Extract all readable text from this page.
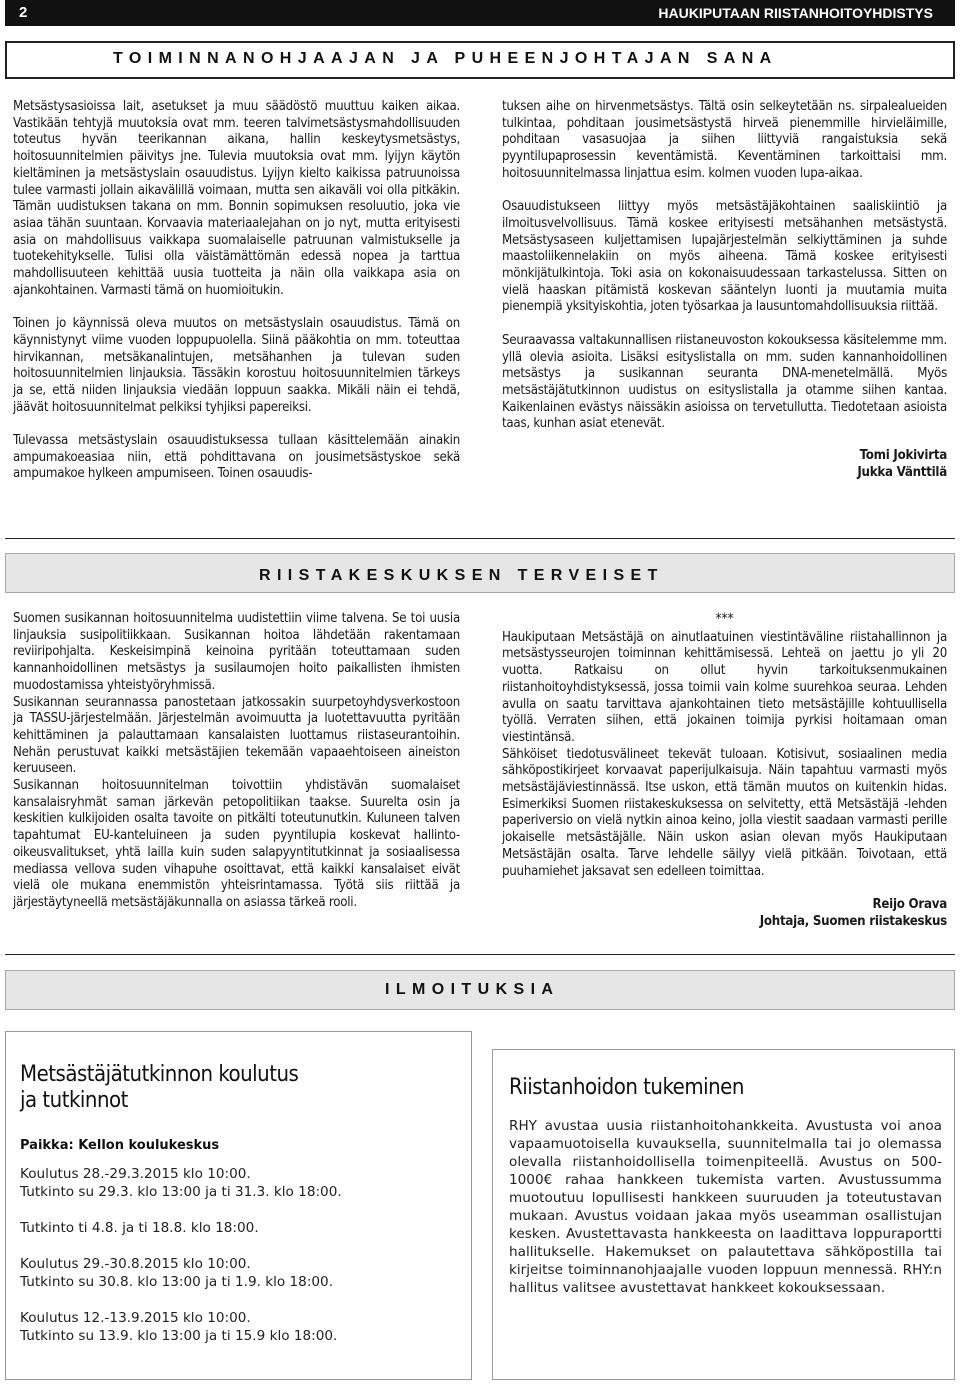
2	HAUKIPUTAAN RIISTANHOITOYHDISTYS
TOIMINNANOHJAAJAN JA PUHEENJOHTAJAN SANA

Metsästysasioissa lait, asetukset ja muu säädöstö muuttuu kaiken aikaa. Vastikään tehtyjä muutoksia ovat mm. teeren talvimetsästysmahdollisuuden toteutus hyvän teerikannan aikana, hallin keskeytysmetsästys, hoitosuunnitelmien päivitys jne. Tulevia muutoksia ovat mm. lyijyn käytön kieltäminen ja metsästyslain osauudistus. Lyijyn kielto kaikissa patruunoissa tulee varmasti jollain aikavälillä voimaan, mutta sen aikaväli voi olla pitkäkin. Tämän uudistuksen takana on mm. Bonnin sopimuksen resoluutio, joka vie asiaa tähän suuntaan. Korvaavia materiaalejahan on jo nyt, mutta erityisesti asia on mahdollisuus vaikkapa suomalaiselle patruunan valmistukselle ja tuotekehitykselle. Tulisi olla väistämättömän edessä nopea ja tarttua mahdollisuuteen kehittää uusia tuotteita ja näin olla vaikkapa asia on ajankohtainen. Varmasti tämä on huomioitukin.

Toinen jo käynnissä oleva muutos on metsästyslain osauudistus. Tämä on käynnistynyt viime vuoden loppupuolella. Siinä pääkohtia on mm. toteuttaa hirvikannan, metsäkanalintujen, metsähanhen ja tulevan suden hoitosuunnitelmien linjauksia. Tässäkin korostuu hoitosuunnitelmien tärkeys ja se, että niiden linjauksia viedään loppuun saakka. Mikäli näin ei tehdä, jäävät hoitosuunnitelmat pelkiksi tyhjiksi papereiksi.

Tulevassa metsästyslain osauudistuksessa tullaan käsittelemään ainakin ampumakoeasiaa niin, että pohdittavana on jousimetsästyskoe sekä ampumakoe hylkeen ampumiseen. Toinen osauudis-

tuksen aihe on hirvenmetsästys. Tältä osin selkeytetään ns. sirpalealueiden tulkintaa, pohditaan jousimetsästystä hirveä pienemmille hirvieläimille, pohditaan vasasuojaa ja siihen liittyviä rangaistuksia sekä pyyntilupaprosessin keventämistä. Keventäminen tarkoittaisi mm. hoitosuunnitelmassa linjattua esim. kolmen vuoden lupa-aikaa.

Osauudistukseen liittyy myös metsästäjäkohtainen saaliskiintiö ja ilmoitusvelvollisuus. Tämä koskee erityisesti metsähanhen metsästystä. Metsästysaseen kuljettamisen lupajärjestelmän selkiyttäminen ja suhde maastoliikennelakiin on myös aiheena. Tämä koskee erityisesti mönkijätulkintoja. Toki asia on kokonaisuudessaan tarkastelussa. Sitten on vielä haaskan pitämistä koskevan sääntelyn luonti ja muutamia muita pienempiä yksityiskohtia, joten työsarkaa ja lausuntomahdollisuuksia riittää.

Seuraavassa valtakunnallisen riistaneuvoston kokouksessa käsitelemme mm. yllä olevia asioita. Lisäksi esityslistalla on mm. suden kannanhoidollinen metsästys ja susikannan seuranta DNA-menetelmällä. Myös metsästäjätutkinnon uudistus on esityslistalla ja otamme siihen kantaa. Kaikenlainen evästys näissäkin asioissa on tervetullutta. Tiedotetaan asioista taas, kunhan asiat etenevät.

Tomi Jokivirta
Jukka Vänttilä
RIISTAKESKUKSEN TERVEISET

Suomen susikannan hoitosuunnitelma uudistettiin viime talvena. Se toi uusia linjauksia susipolitiikkaan. Susikannan hoitoa lähdetään rakentamaan reviiripohjalta. Keskeisimpinä keinoina pyritään toteuttamaan suden kannanhoidollinen metsästys ja susilaumojen hoito paikallisten ihmisten muodostamissa yhteistyöryhmissä.

Susikannan seurannassa panostetaan jatkossakin suurpetoyhdysverkostoon ja TASSU-järjestelmään. Järjestelmän avoimuutta ja luotettavuutta pyritään kehittäminen ja palauttamaan kansalaisten luottamus riistaseurantoihin. Nehän perustuvat kaikki metsästäjien tekemään vapaaehtoiseen aineiston keruuseen.

Susikannan hoitosuunnitelman toivottiin yhdistävän suomalaiset kansalaisryhmät saman järkevän petopolitiikan taakse. Suurelta osin ja keskitien kulkijoiden osalta tavoite on pitkälti toteutunutkin. Kuluneen talven tapahtumat EU-kanteluineen ja suden pyyntilupia koskevat hallinto-oikeusvalitukset, yhtä lailla kuin suden salapyyntitutkinnat ja sosiaalisessa mediassa vellova suden vihapuhe osoittavat, että kaikki kansalaiset eivät vielä ole mukana enemmistön yhteisrintamassa. Työtä siis riittää ja järjestäytyneellä metsästäjäkunnalla on asiassa tärkeä rooli.

***

Haukiputaan Metsästäjä on ainutlaatuinen viestintäväline riistahallinnon ja metsästysseurojen toiminnan kehittämisessä. Lehteä on jaettu jo yli 20 vuotta. Ratkaisu on ollut hyvin tarkoituksenmukainen riistanhoitoyhdistyksessä, jossa toimii vain kolme suurehkoa seuraa. Lehden avulla on saatu tarvittava ajankohtainen tieto metsästäjille kohtuullisella työllä. Verraten siihen, että jokainen toimija pyrkisi hoitamaan oman viestintänsä.

Sähköiset tiedotusvälineet tekevät tuloaan. Kotisivut, sosiaalinen media sähköpostikirjeet korvaavat paperijulkaisuja. Näin tapahtuu varmasti myös metsästäjäviestinnässä. Itse uskon, että tämän muutos on kuitenkin hidas. Esimerkiksi Suomen riistakeskuksessa on selvitetty, että Metsästäjä -lehden paperiversio on vielä nytkin ainoa keino, jolla viestit saadaan varmasti perille jokaiselle metsästäjälle. Näin uskon asian olevan myös Haukiputaan Metsästäjän osalta. Tarve lehdelle säilyy vielä pitkään. Toivotaan, että puuhamiehet jaksavat sen edelleen toimittaa.

Reijo Orava
Johtaja, Suomen riistakeskus
ILMOITUKSIA
Metsästäjätutkinnon koulutus
ja tutkinnot
Paikka: Kellon koulukeskus
Koulutus 28.-29.3.2015 klo 10:00.
Tutkinto su 29.3. klo 13:00 ja ti 31.3. klo 18:00.
Tutkinto ti 4.8. ja ti 18.8. klo 18:00.
Koulutus 29.-30.8.2015 klo 10:00.
Tutkinto su 30.8. klo 13:00 ja ti 1.9. klo 18:00.
Koulutus 12.-13.9.2015 klo 10:00.
Tutkinto su 13.9. klo 13:00 ja ti 15.9 klo 18:00.
Riistanhoidon tukeminen
RHY avustaa uusia riistanhoitohankkeita. Avustusta voi anoa vapaamuotoisella kuvauksella, suunnitelmalla tai jo olemassa olevalla riistanhoidollisella toimenpiteellä. Avustus on 500-1000€ rahaa hankkeen tukemista varten. Avustussumma muotoutuu lopullisesti hankkeen suuruuden ja toteutustavan mukaan. Avustus voidaan jakaa myös useamman osallistujan kesken. Avustettavasta hankkeesta on laadittava loppuraportti hallitukselle. Hakemukset on palautettava sähköpostilla tai kirjeitse toiminnanohjaajalle vuoden loppuun mennessä. RHY:n hallitus valitsee avustettavat hankkeet kokouksessaan.
